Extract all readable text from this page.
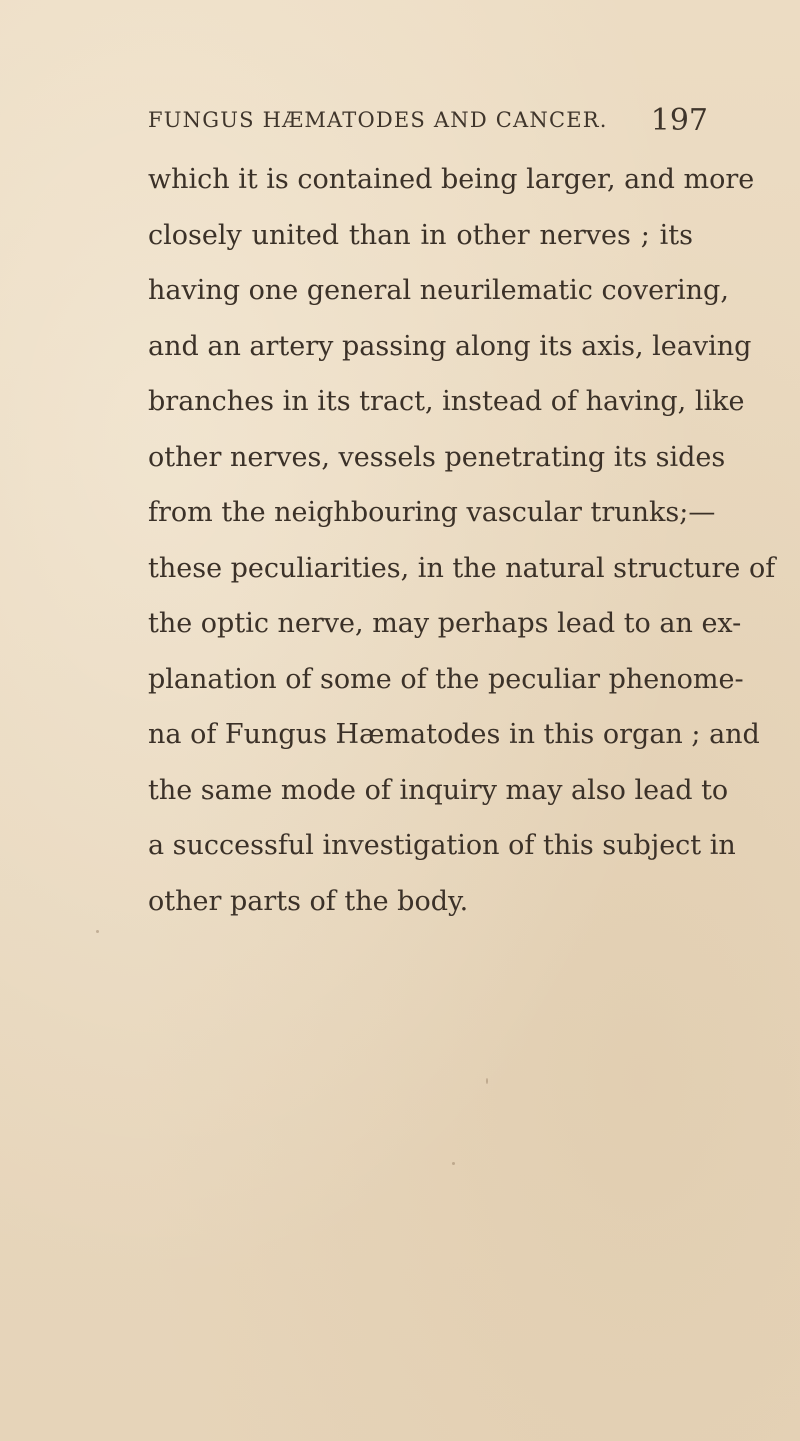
FUNGUS HÆMATODES AND CANCER. 197
which it is contained being larger, and more
closely united than in other nerves ; its
having one general neurilematic covering,
and an artery passing along its axis, leaving
branches in its tract, instead of having, like
other nerves, vessels penetrating its sides
from the neighbouring vascular trunks;—
these peculiarities, in the natural structure of
the optic nerve, may perhaps lead to an ex-
planation of some of the peculiar phenome-
na of Fungus Hæmatodes in this organ ; and
the same mode of inquiry may also lead to
a successful investigation of this subject in
other parts of the body.
